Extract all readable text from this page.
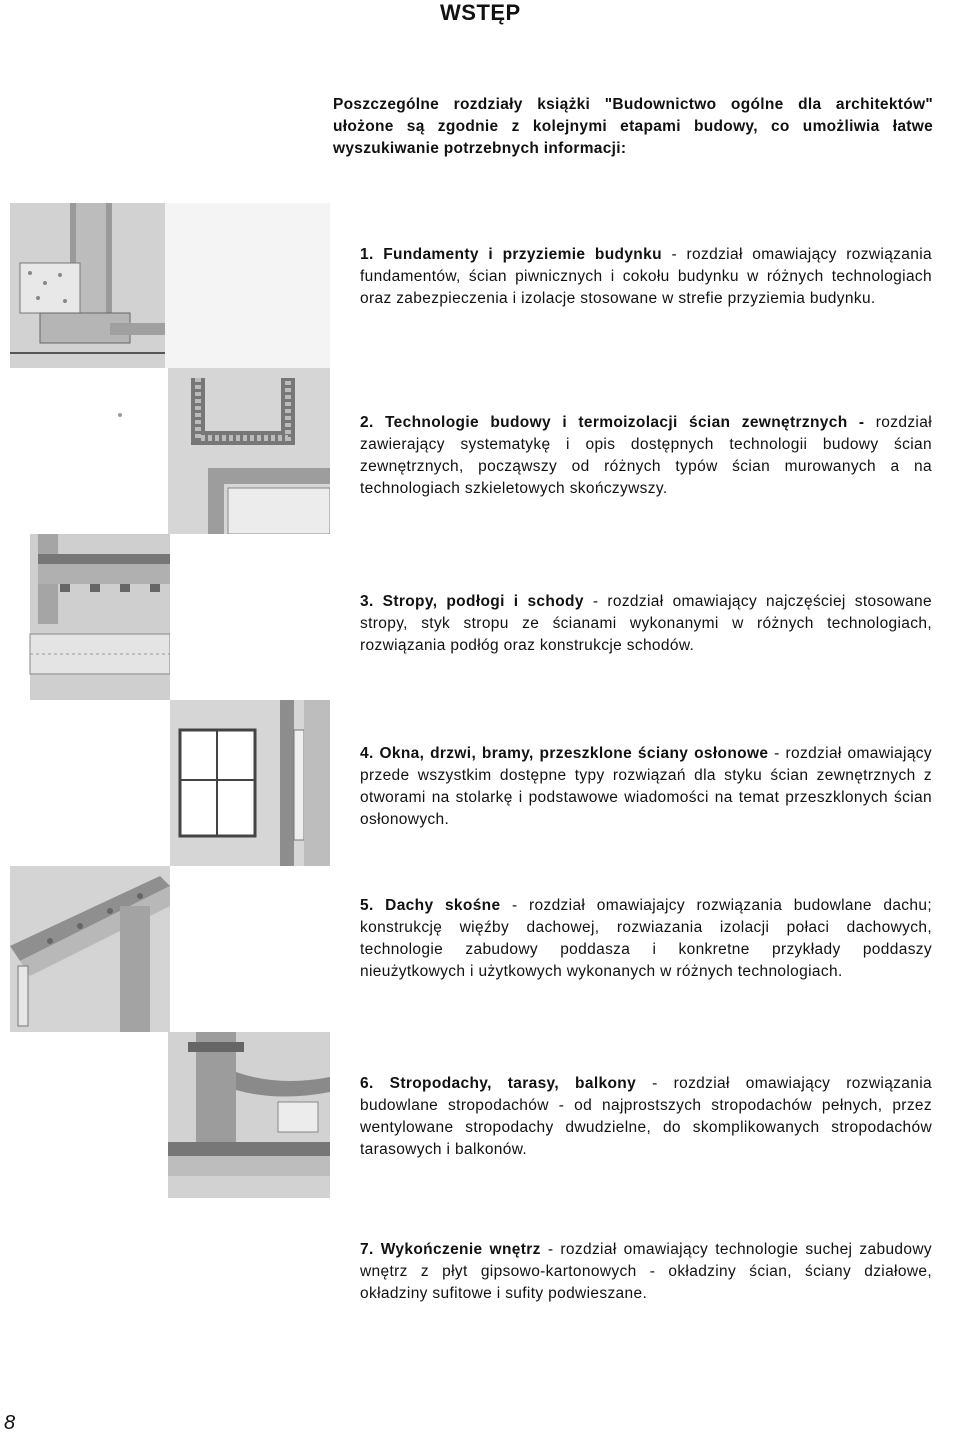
WSTĘP
Poszczególne rozdziały książki "Budownictwo ogólne dla architektów" ułożone są zgodnie z kolejnymi etapami budowy, co umożliwia łatwe wyszukiwanie potrzebnych informacji:
1. Fundamenty i przyziemie budynku - rozdział omawiający rozwiązania fundamentów, ścian piwnicznych i cokołu budynku w różnych technologiach oraz zabezpieczenia i izolacje stosowane w strefie przyziemia budynku.
2. Technologie budowy i termoizolacji ścian zewnętrznych - rozdział zawierający systematykę i opis dostępnych technologii budowy ścian zewnętrznych, począwszy od różnych typów ścian murowanych a na technologiach szkieletowych skończywszy.
3. Stropy, podłogi i schody - rozdział omawiający najczęściej stosowane stropy, styk stropu ze ścianami wykonanymi w różnych technologiach, rozwiązania podłóg oraz konstrukcje schodów.
4. Okna, drzwi, bramy, przeszklone ściany osłonowe - rozdział omawiający przede wszystkim dostępne typy rozwiązań dla styku ścian zewnętrznych z otworami na stolarkę i podstawowe wiadomości na temat przeszklonych ścian osłonowych.
5. Dachy skośne - rozdział omawiajajcy rozwiązania budowlane dachu; konstrukcję więźby dachowej, rozwiazania izolacji połaci dachowych, technologie zabudowy poddasza i konkretne przykłady poddaszy nieużytkowych i użytkowych wykonanych w różnych technologiach.
6. Stropodachy, tarasy, balkony - rozdział omawiający rozwiązania budowlane stropodachów - od najprostszych stropodachów pełnych, przez wentylowane stropodachy dwudzielne, do skomplikowanych stropodachów tarasowych i balkonów.
7. Wykończenie wnętrz - rozdział omawiający technologie suchej zabudowy wnętrz z płyt gipsowo-kartonowych - okładziny ścian, ściany działowe, okładziny sufitowe i sufity podwieszane.
8
